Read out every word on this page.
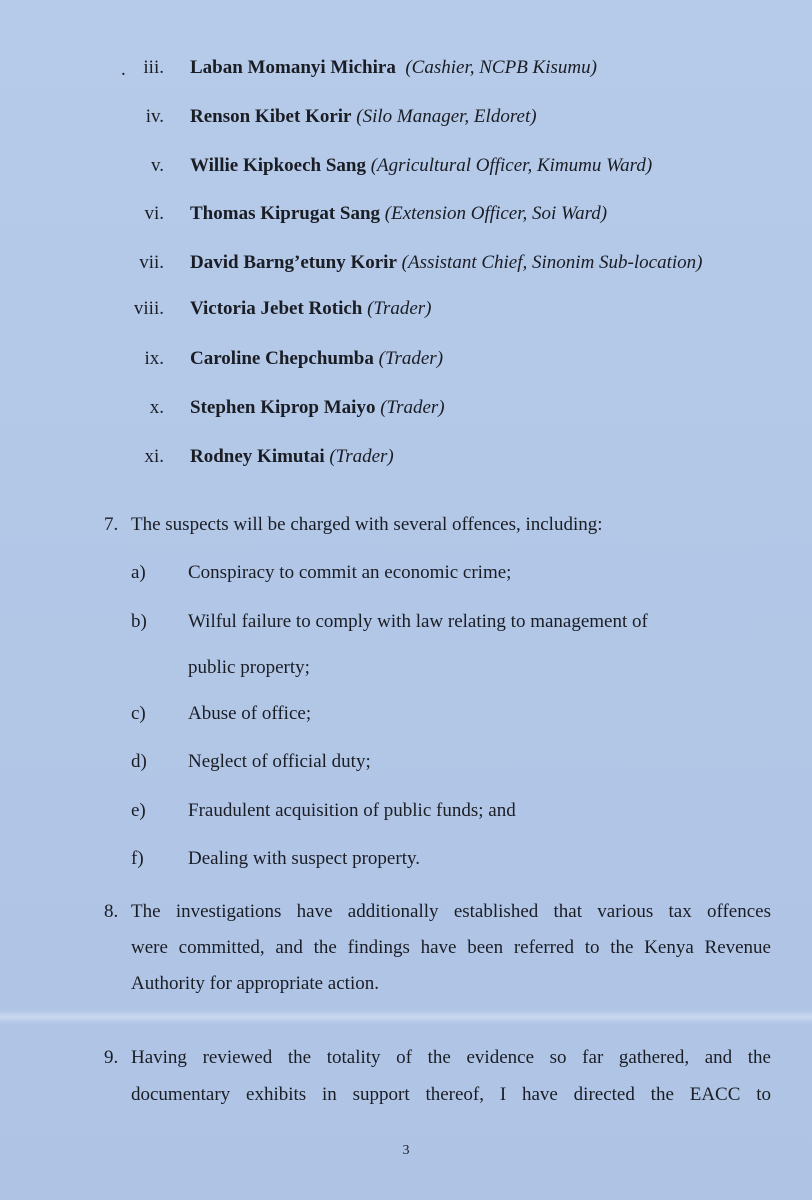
. iii. Laban Momanyi Michira (Cashier, NCPB Kisumu)
iv. Renson Kibet Korir (Silo Manager, Eldoret)
v. Willie Kipkoech Sang (Agricultural Officer, Kimumu Ward)
vi. Thomas Kiprugat Sang (Extension Officer, Soi Ward)
vii. David Barng’etuny Korir (Assistant Chief, Sinonim Sub-location)
viii. Victoria Jebet Rotich (Trader)
ix. Caroline Chepchumba (Trader)
x. Stephen Kiprop Maiyo (Trader)
xi. Rodney Kimutai (Trader)
7. The suspects will be charged with several offences, including:
a) Conspiracy to commit an economic crime;
b) Wilful failure to comply with law relating to management of
public property;
c) Abuse of office;
d) Neglect of official duty;
e) Fraudulent acquisition of public funds; and
f) Dealing with suspect property.
8. The investigations have additionally established that various tax offences
were committed, and the findings have been referred to the Kenya Revenue
Authority for appropriate action.
9. Having reviewed the totality of the evidence so far gathered, and the
documentary exhibits in support thereof, I have directed the EACC to
3
